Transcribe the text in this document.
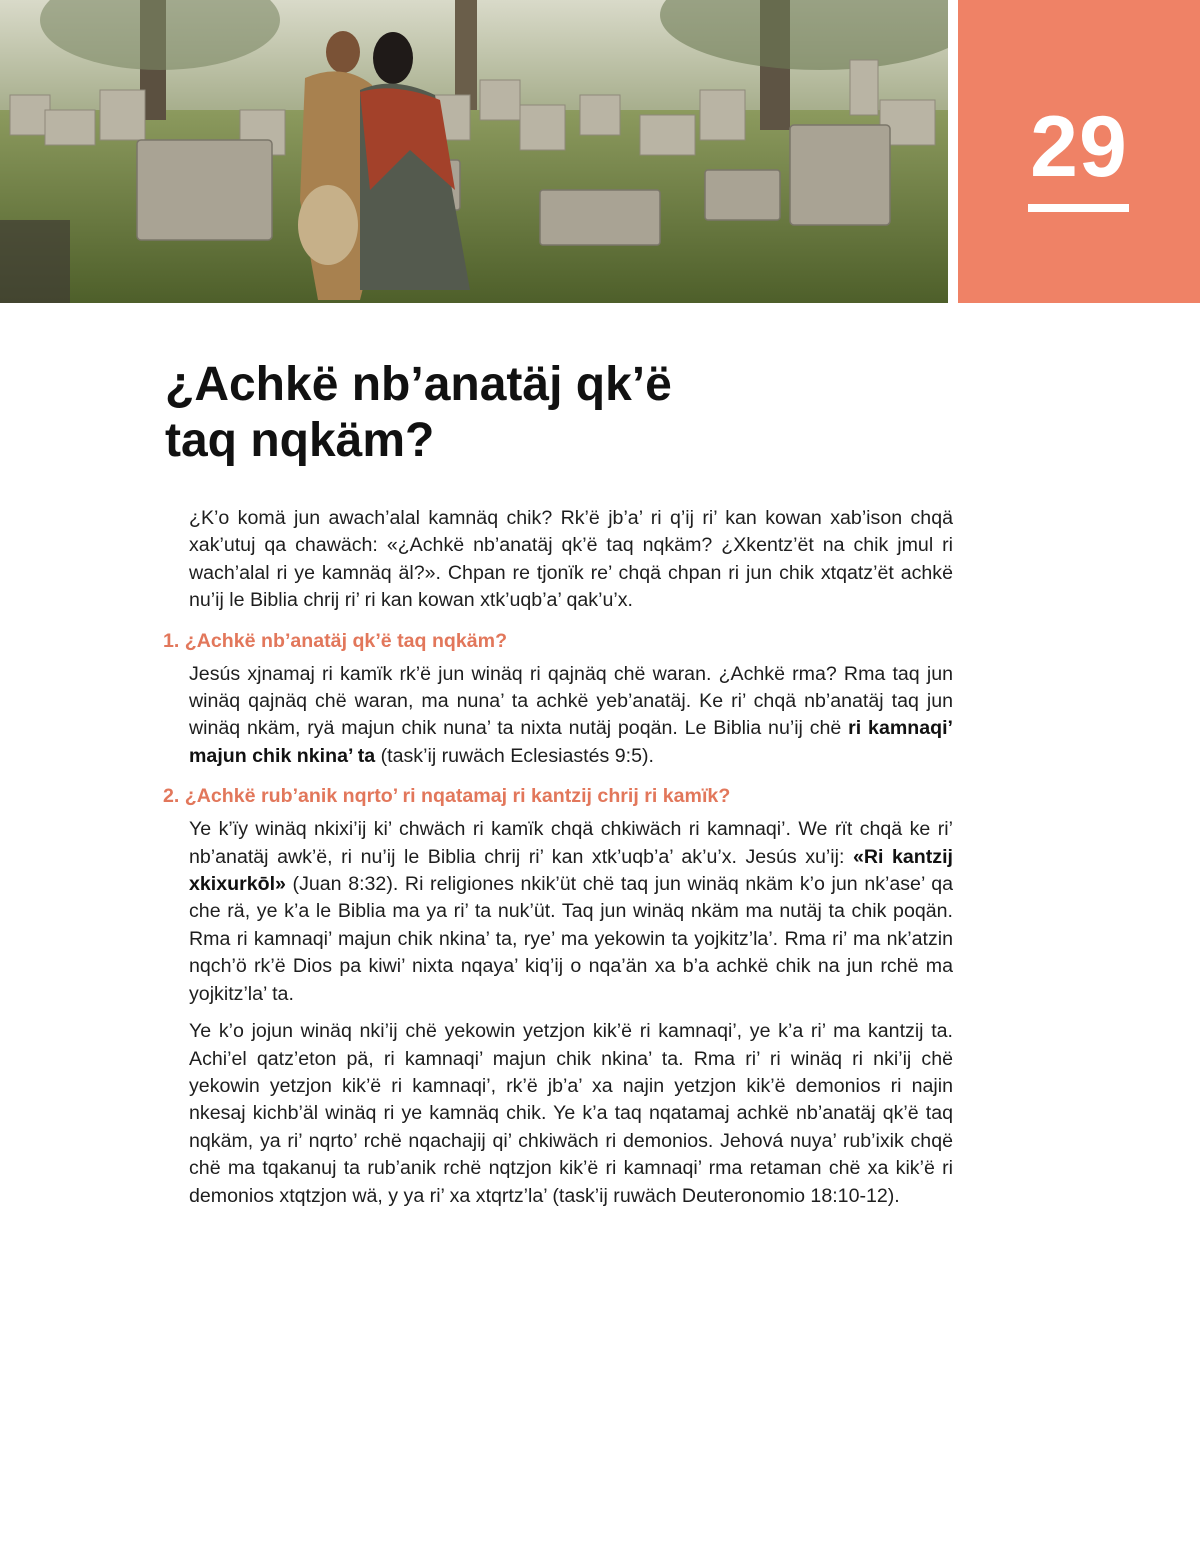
29
¿Achkë nb’anatäj qk’ë
taq nqkäm?

¿K’o komä jun awach’alal kamnäq chik? Rk’ë jb’a’ ri q’ij ri’ kan kowan xab’ison chqä xak’utuj qa chawäch: «¿Achkë nb’anatäj qk’ë taq nqkäm? ¿Xkentz’ët na chik jmul ri wach’alal ri ye kamnäq äl?». Chpan re tjonïk re’ chqä chpan ri jun chik xtqatz’ët achkë nu’ij le Biblia chrij ri’ ri kan kowan xtk’uqb’a’ qak’u’x.

1. ¿Achkë nb’anatäj qk’ë taq nqkäm?

Jesús xjnamaj ri kamïk rk’ë jun winäq ri qajnäq chë waran. ¿Achkë rma? Rma taq jun winäq qajnäq chë waran, ma nuna’ ta achkë yeb’anatäj. Ke ri’ chqä nb’anatäj taq jun winäq nkäm, ryä majun chik nuna’ ta nixta nutäj poqän. Le Biblia nu’ij chë ri kamnaqi’ majun chik nkina’ ta (task’ij ruwäch Eclesiastés 9:5).

2. ¿Achkë rub’anik nqrto’ ri nqatamaj ri kantzij chrij ri kamïk?

Ye k’ïy winäq nkixi’ij ki’ chwäch ri kamïk chqä chkiwäch ri kamnaqi’. We rït chqä ke ri’ nb’anatäj awk’ë, ri nu’ij le Biblia chrij ri’ kan xtk’uqb’a’ ak’u’x. Jesús xu’ij: «Ri kantzij xkixurkōl» (Juan 8:32). Ri religiones nkik’üt chë taq jun winäq nkäm k’o jun nk’ase’ qa che rä, ye k’a le Biblia ma ya ri’ ta nuk’üt. Taq jun winäq nkäm ma nutäj ta chik poqän. Rma ri kamnaqi’ majun chik nkina’ ta, rye’ ma yekowin ta yojkitz’la’. Rma ri’ ma nk’atzin nqch’ö rk’ë Dios pa kiwi’ nixta nqaya’ kiq’ij o nqa’än xa b’a achkë chik na jun rchë ma yojkitz’la’ ta.

Ye k’o jojun winäq nki’ij chë yekowin yetzjon kik’ë ri kamnaqi’, ye k’a ri’ ma kantzij ta. Achi’el qatz’eton pä, ri kamnaqi’ majun chik nkina’ ta. Rma ri’ ri winäq ri nki’ij chë yekowin yetzjon kik’ë ri kamnaqi’, rk’ë jb’a’ xa najin yetzjon kik’ë demonios ri najin nkesaj kichb’äl winäq ri ye kamnäq chik. Ye k’a taq nqatamaj achkë nb’anatäj qk’ë taq nqkäm, ya ri’ nqrto’ rchë nqachajij qi’ chkiwäch ri demonios. Jehová nuya’ rub’ixik chqë chë ma tqakanuj ta rub’anik rchë nqtzjon kik’ë ri kamnaqi’ rma retaman chë xa kik’ë ri demonios xtqtzjon wä, y ya ri’ xa xtqrtz’la’ (task’ij ruwäch Deuteronomio 18:10-12).
